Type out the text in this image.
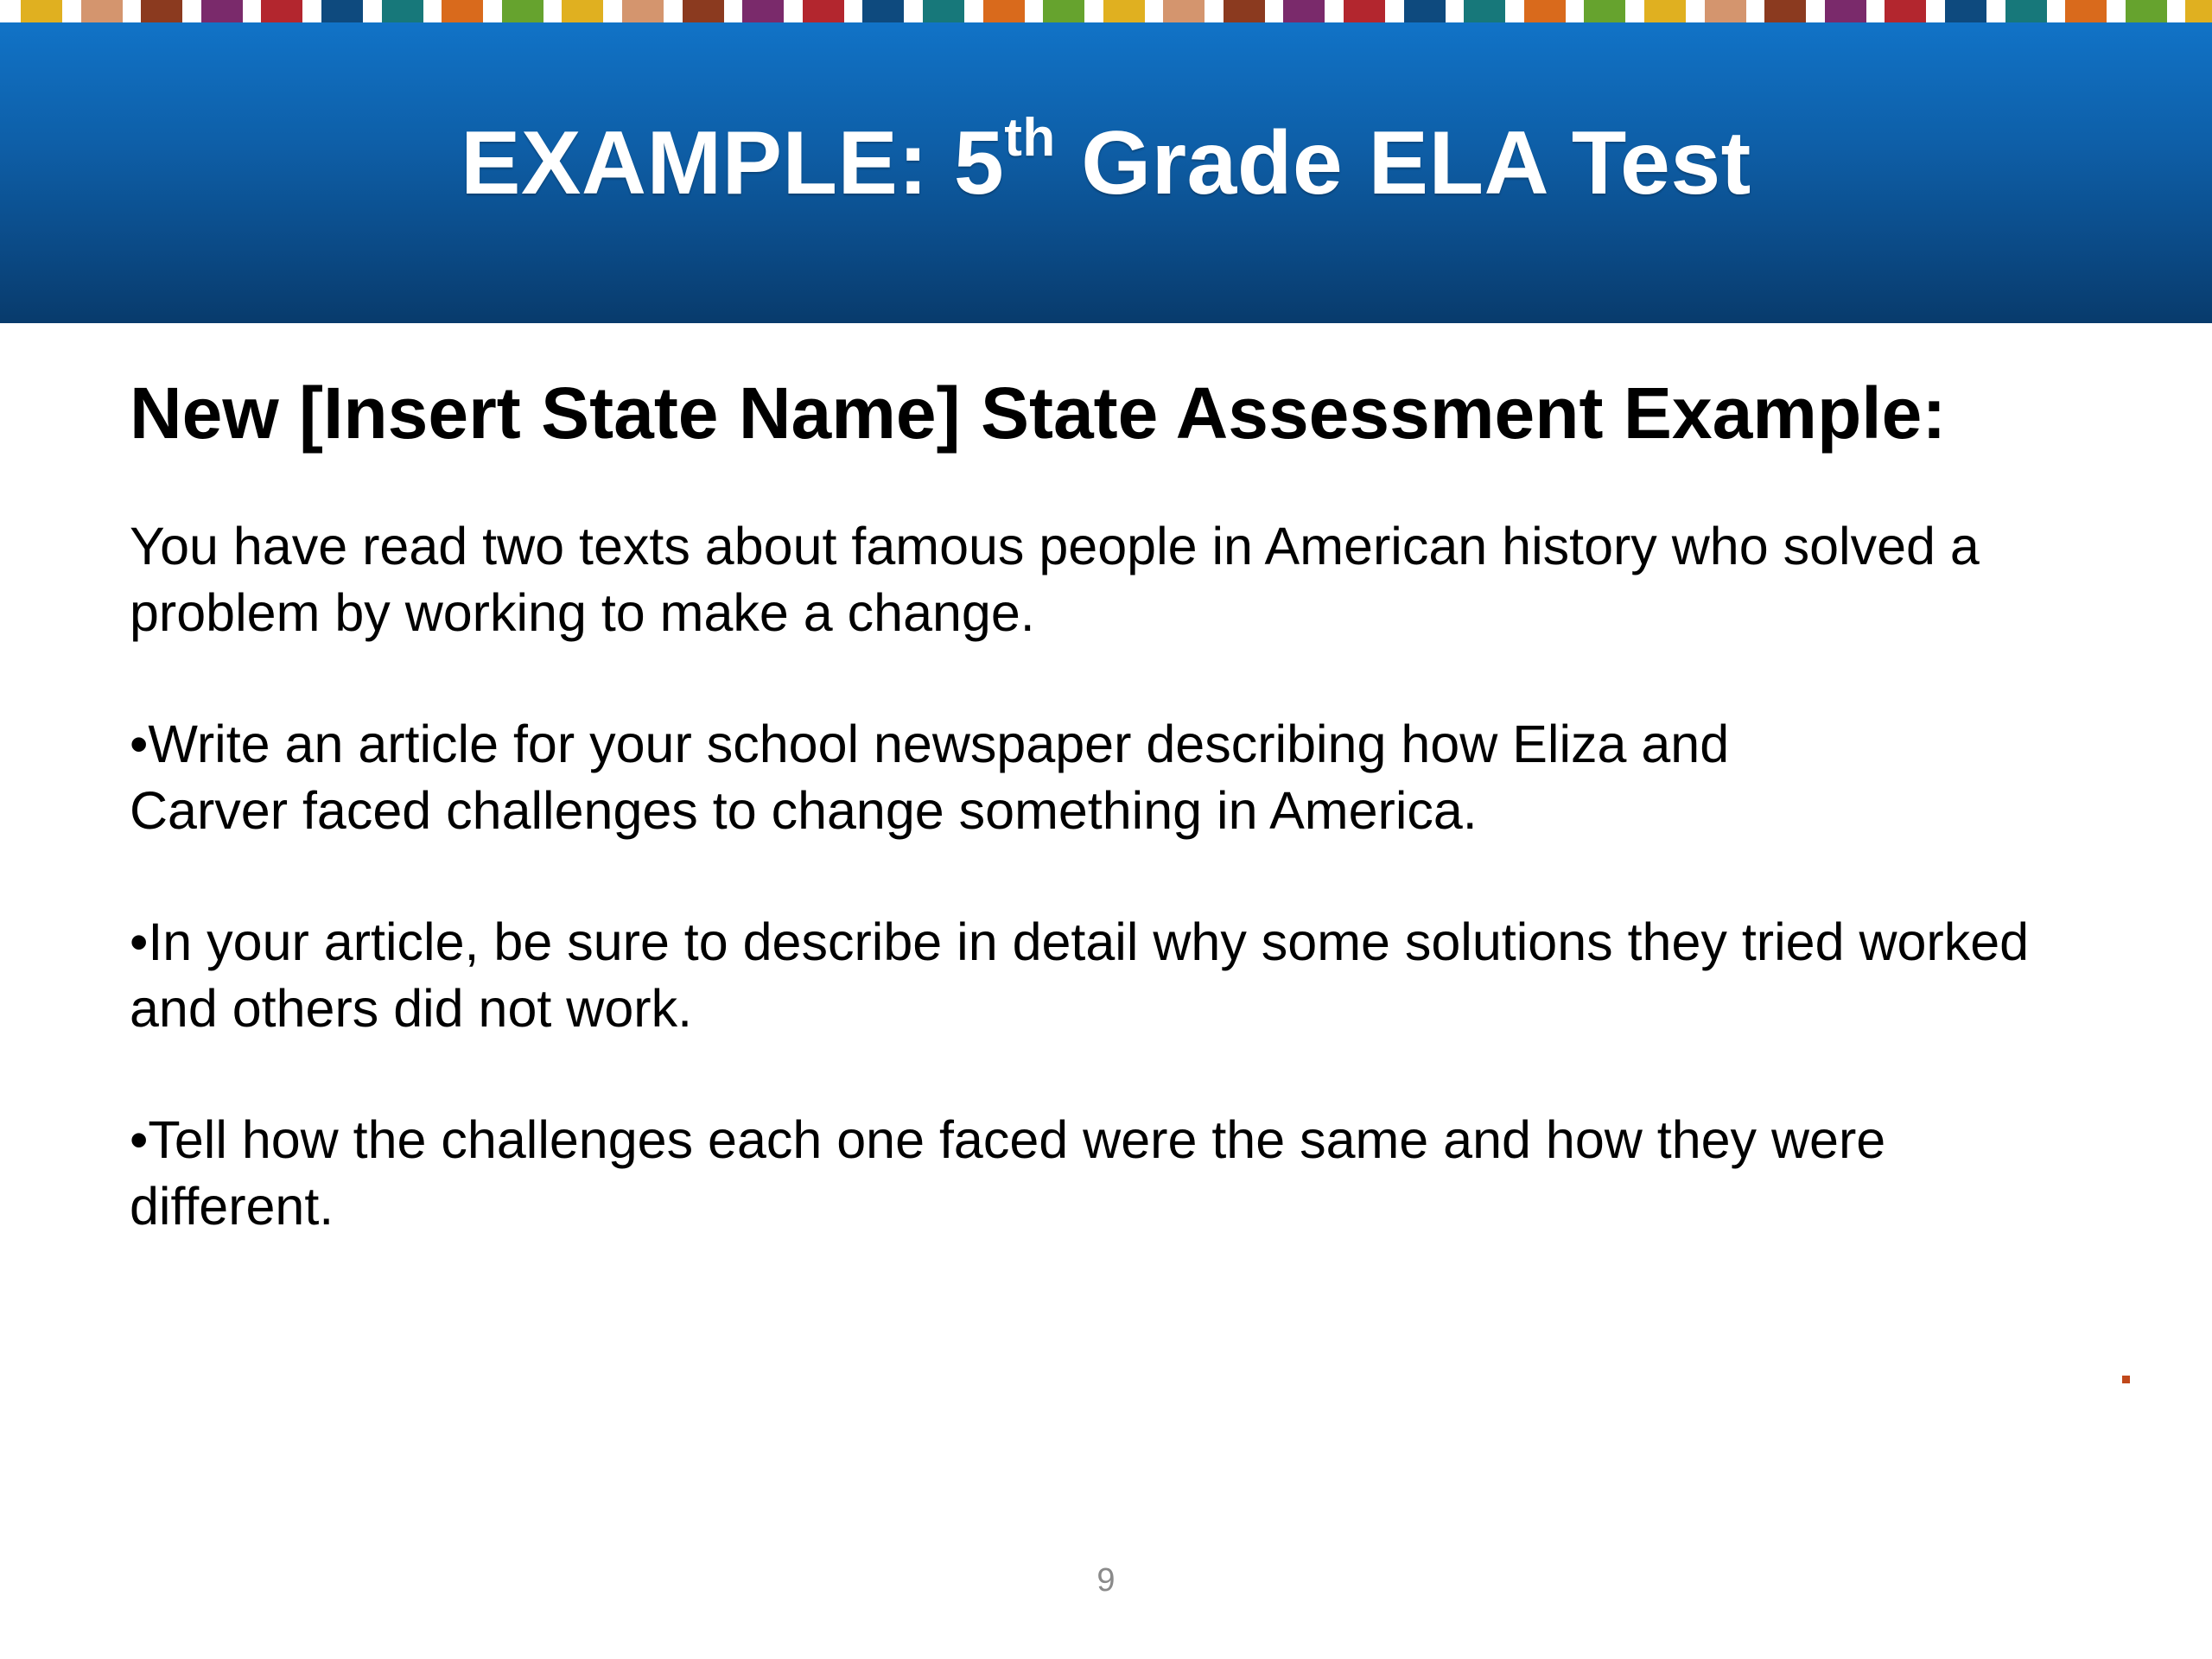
EXAMPLE: 5th Grade ELA Test
New [Insert State Name] State Assessment Example:

You have read two texts about famous people in American history who solved a
problem by working to make a change.

•Write an article for your school newspaper describing how Eliza and
Carver faced challenges to change something in America.

•In your article, be sure to describe in detail why some solutions they tried worked
and others did not work.

•Tell how the challenges each one faced were the same and how they were
different.

9
